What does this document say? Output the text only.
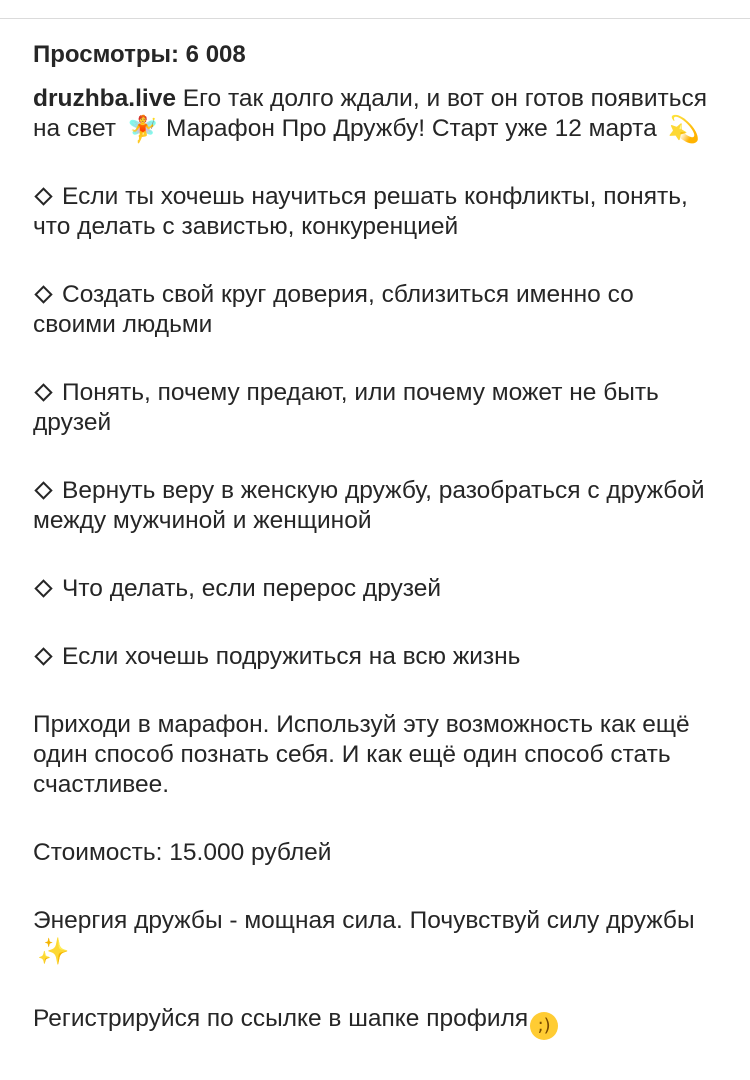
Просмотры: 6 008

druzhba.live Его так долго ждали, и вот он готов появиться на свет 🧚 Марафон Про Дружбу! Старт уже 12 марта 💫

Если ты хочешь научиться решать конфликты, понять, что делать с завистью, конкуренцией

Создать свой круг доверия, сблизиться именно со своими людьми

Понять, почему предают, или почему может не быть друзей

Вернуть веру в женскую дружбу, разобраться с дружбой между мужчиной и женщиной

Что делать, если перерос друзей

Если хочешь подружиться на всю жизнь

Приходи в марафон. Используй эту возможность как ещё один способ познать себя. И как ещё один способ стать счастливее.

Стоимость: 15.000 рублей

Энергия дружбы - мощная сила. Почувствуй силу дружбы ✨

Регистрируйся по ссылке в шапке профиля ;)
